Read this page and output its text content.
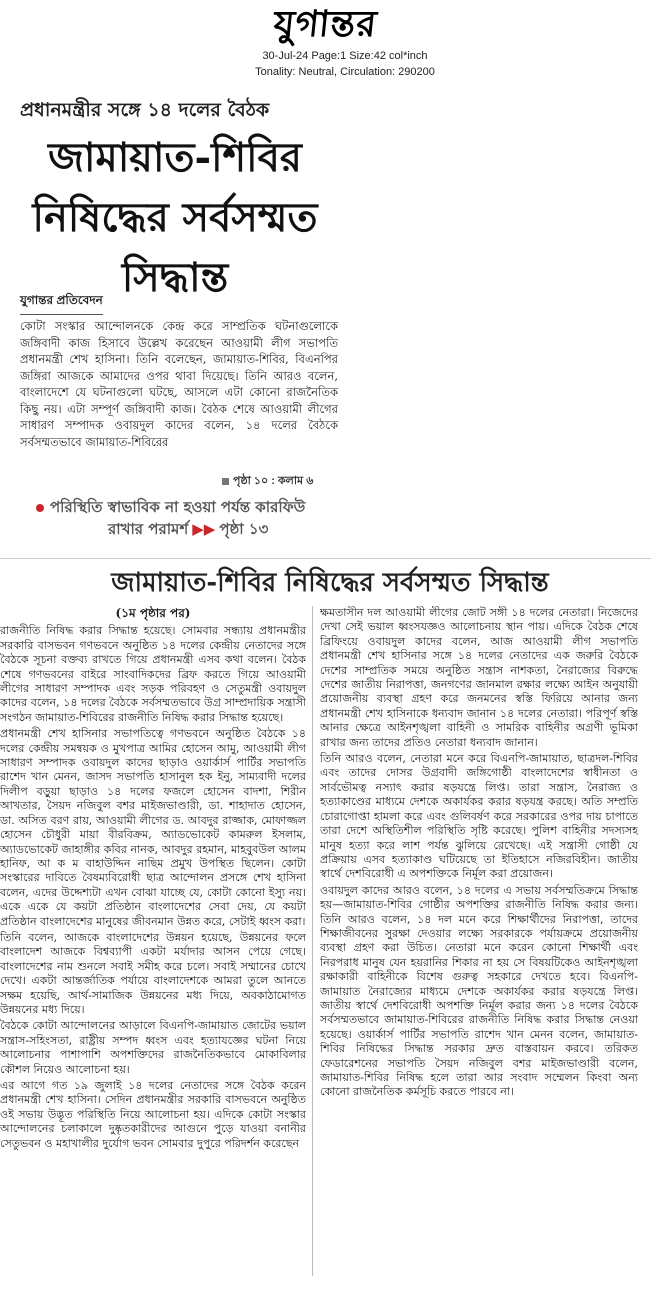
যুগান্তর
30-Jul-24 Page:1 Size:42 col*inch
Tonality: Neutral, Circulation: 290200
প্রধানমন্ত্রীর সঙ্গে ১৪ দলের বৈঠক
জামায়াত-শিবির নিষিদ্ধের সর্বসম্মত সিদ্ধান্ত
যুগান্তর প্রতিবেদন
কোটা সংস্কার আন্দোলনকে কেন্দ্র করে সাম্প্রতিক ঘটনাগুলোকে জঙ্গিবাদী কাজ হিসাবে উল্লেখ করেছেন আওয়ামী লীগ সভাপতি প্রধানমন্ত্রী শেখ হাসিনা। তিনি বলেছেন, জামায়াত-শিবির, বিএনপির জঙ্গিরা আজকে আমাদের ওপর থাবা দিয়েছে। তিনি আরও বলেন, বাংলাদেশে যে ঘটনাগুলো ঘটছে, আসলে এটা কোনো রাজনৈতিক কিছু নয়। এটা সম্পূর্ণ জঙ্গিবাদী কাজ। বৈঠক শেষে আওয়ামী লীগের সাধারণ সম্পাদক ওবায়দুল কাদের বলেন, ১৪ দলের বৈঠকে সর্বসম্মতভাবে জামায়াত-শিবিরের
পৃষ্ঠা ১০ : কলাম ৬
পরিস্থিতি স্বাভাবিক না হওয়া পর্যন্ত কারফিউ
রাখার পরামর্শ ▶▶ পৃষ্ঠা ১৩
জামায়াত-শিবির নিষিদ্ধের সর্বসম্মত সিদ্ধান্ত
(১ম পৃষ্ঠার পর)

রাজনীতি নিষিদ্ধ করার সিদ্ধান্ত হয়েছে। সোমবার সন্ধ্যায় প্রধানমন্ত্রীর সরকারি বাসভবন গণভবনে অনুষ্ঠিত ১৪ দলের কেন্দ্রীয় নেতাদের সঙ্গে বৈঠকে সূচনা বক্তব্য রাখতে গিয়ে প্রধানমন্ত্রী এসব কথা বলেন। বৈঠক শেষে গণভবনের বাইরে সাংবাদিকদের ব্রিফ করতে গিয়ে আওয়ামী লীগের সাধারণ সম্পাদক এবং সড়ক পরিবহণ ও সেতুমন্ত্রী ওবায়দুল কাদের বলেন, ১৪ দলের বৈঠকে সর্বসম্মতভাবে উগ্র সাম্প্রদায়িক সন্ত্রাসী সংগঠন জামায়াত-শিবিরের রাজনীতি নিষিদ্ধ করার সিদ্ধান্ত হয়েছে।

প্রধানমন্ত্রী শেখ হাসিনার সভাপতিত্বে গণভবনে অনুষ্ঠিত বৈঠকে ১৪ দলের কেন্দ্রীয় সমন্বয়ক ও মুখপাত্র আমির হোসেন আমু, আওয়ামী লীগ সাধারণ সম্পাদক ওবায়দুল কাদের ছাড়াও ওয়ার্কার্স পার্টির সভাপতি রাশেদ খান মেনন, জাসদ সভাপতি হাসানুল হক ইনু, সাম্যবাদী দলের দিলীপ বড়ুয়া ছাড়াও ১৪ দলের ফজলে হোসেন বাদশা, শিরীন আখতার, সৈয়দ নজিবুল বশর মাইজভাণ্ডারী, ডা. শাহাদাত হোসেন, ডা. অসিত বরণ রায়, আওয়ামী লীগের ড. আবদুর রাজ্জাক, মোফাজ্জল হোসেন চৌধুরী মায়া বীরবিক্রম, অ্যাডভোকেট কামরুল ইসলাম, অ্যাডভোকেট জাহাঙ্গীর কবির নানক, আবদুর রহমান, মাহবুবউল আলম হানিফ, আ ক ম বাহাউদ্দিন নাছিম প্রমুখ উপস্থিত ছিলেন। কোটা সংস্কারের দাবিতে বৈষম্যবিরোধী ছাত্র আন্দোলন প্রসঙ্গে শেখ হাসিনা বলেন, এদের উদ্দেশ্যটা এখন বোঝা যাচ্ছে যে, কোটা কোনো ইস্যু নয়। একে একে যে কয়টা প্রতিষ্ঠান বাংলাদেশের সেবা দেয়, যে কয়টা প্রতিষ্ঠান বাংলাদেশের মানুষের জীবনমান উন্নত করে, সেটাই ধ্বংস করা।

তিনি বলেন, আজকে বাংলাদেশের উন্নয়ন হয়েছে, উন্নয়নের ফলে বাংলাদেশ আজকে বিশ্বব্যাপী একটা মর্যাদার আসন পেয়ে গেছে। বাংলাদেশের নাম শুনলে সবাই সমীহ করে চলে। সবাই সম্মানের চোখে দেখে। একটা আন্তর্জাতিক পর্যায়ে বাংলাদেশকে আমরা তুলে আনতে সক্ষম হয়েছি, আর্থ-সামাজিক উন্নয়নের মধ্য দিয়ে, অবকাঠামোগত উন্নয়নের মধ্য দিয়ে।

বৈঠকে কোটা আন্দোলনের আড়ালে বিএনপি-জামায়াত জোটের ভয়াল সন্ত্রাস-সহিংসতা, রাষ্ট্রীয় সম্পদ ধ্বংস এবং হত্যাযজ্ঞের ঘটনা নিয়ে আলোচনার পাশাপাশি অপশক্তিদের রাজনৈতিকভাবে মোকাবিলার কৌশল নিয়েও আলোচনা হয়।

এর আগে গত ১৯ জুলাই ১৪ দলের নেতাদের সঙ্গে বৈঠক করেন প্রধানমন্ত্রী শেখ হাসিনা। সেদিন প্রধানমন্ত্রীর সরকারি বাসভবনে অনুষ্ঠিত ওই সভায় উদ্ভূত পরিস্থিতি নিয়ে আলোচনা হয়। এদিকে কোটা সংস্কার আন্দোলনের চলাকালে দুষ্কৃতকারীদের আগুনে পুড়ে যাওয়া বনানীর সেতুভবন ও মহাখালীর দুর্যোগ ভবন সোমবার দুপুরে পরিদর্শন করেছেন

ক্ষমতাসীন দল আওয়ামী লীগের জোট সঙ্গী ১৪ দলের নেতারা। নিজেদের দেখা সেই ভয়াল ধ্বংসযজ্ঞও আলোচনায় স্থান পায়। এদিকে বৈঠক শেষে ব্রিফিংয়ে ওবায়দুল কাদের বলেন, আজ আওয়ামী লীগ সভাপতি প্রধানমন্ত্রী শেখ হাসিনার সঙ্গে ১৪ দলের নেতাদের এক জরুরি বৈঠকে দেশের সাম্প্রতিক সময়ে অনুষ্ঠিত সন্ত্রাস নাশকতা, নৈরাজ্যের বিরুদ্ধে দেশের জাতীয় নিরাপত্তা, জনগণের জানমাল রক্ষার লক্ষ্যে আইন অনুযায়ী প্রয়োজনীয় ব্যবস্থা গ্রহণ করে জনমনের স্বস্তি ফিরিয়ে আনার জন্য প্রধানমন্ত্রী শেখ হাসিনাকে ধন্যবাদ জানান ১৪ দলের নেতারা। পরিপূর্ণ স্বস্তি আনার ক্ষেত্রে আইনশৃঙ্খলা বাহিনী ও সামরিক বাহিনীর অগ্রণী ভূমিকা রাখার জন্য তাদের প্রতিও নেতারা ধন্যবাদ জানান।

তিনি আরও বলেন, নেতারা মনে করে বিএনপি-জামায়াত, ছাত্রদল-শিবির এবং তাদের দোসর উগ্রবাদী জঙ্গিগোষ্ঠী বাংলাদেশের স্বাধীনতা ও সার্বভৌমত্ব নস্যাৎ করার ষড়যন্ত্রে লিপ্ত। তারা সন্ত্রাস, নৈরাজ্য ও হত্যাকাণ্ডের মাধ্যমে দেশকে অকার্যকর করার ষড়যন্ত্র করছে। অতি সম্প্রতি চোরাগোপ্তা হামলা করে এবং গুলিবর্ষণ করে সরকারের ওপর দায় চাপাতে তারা দেশে অস্থিতিশীল পরিস্থিতি সৃষ্টি করেছে। পুলিশ বাহিনীর সদস্যসহ মানুষ হত্যা করে লাশ পর্যন্ত ঝুলিয়ে রেখেছে। এই সন্ত্রাসী গোষ্ঠী যে প্রক্রিয়ায় এসব হত্যাকাণ্ড ঘটিয়েছে তা ইতিহাসে নজিরবিহীন। জাতীয় স্বার্থে দেশবিরোধী এ অপশক্তিকে নির্মূল করা প্রয়োজন।

ওবায়দুল কাদের আরও বলেন, ১৪ দলের এ সভায় সর্বসম্মতিক্রমে সিদ্ধান্ত হয়—জামায়াত-শিবির গোষ্ঠীর অপশক্তির রাজনীতি নিষিদ্ধ করার জন্য। তিনি আরও বলেন, ১৪ দল মনে করে শিক্ষার্থীদের নিরাপত্তা, তাদের শিক্ষাজীবনের সুরক্ষা দেওয়ার লক্ষ্যে সরকারকে পর্যায়ক্রমে প্রয়োজনীয় ব্যবস্থা গ্রহণ করা উচিত। নেতারা মনে করেন কোনো শিক্ষার্থী এবং নিরপরাধ মানুষ যেন হয়রানির শিকার না হয় সে বিষয়টিকেও আইনশৃঙ্খলা রক্ষাকারী বাহিনীকে বিশেষ গুরুত্ব সহকারে দেখতে হবে। বিএনপি-জামায়াত নৈরাজ্যের মাধ্যমে দেশকে অকার্যকর করার ষড়যন্ত্রে লিপ্ত। জাতীয় স্বার্থে দেশবিরোধী অপশক্তি নির্মূল করার জন্য ১৪ দলের বৈঠকে সর্বসম্মতভাবে জামায়াত-শিবিরের রাজনীতি নিষিদ্ধ করার সিদ্ধান্ত নেওয়া হয়েছে। ওয়ার্কার্স পার্টির সভাপতি রাশেদ খান মেনন বলেন, জামায়াত-শিবির নিষিদ্ধের সিদ্ধান্ত সরকার দ্রুত বাস্তবায়ন করবে। তরিকত ফেডারেশনের সভাপতি সৈয়দ নজিবুল বশর মাইজভাণ্ডারী বলেন, জামায়াত-শিবির নিষিদ্ধ হলে তারা আর সংবাদ সম্মেলন কিংবা অন্য কোনো রাজনৈতিক কর্মসূচি করতে পারবে না।
